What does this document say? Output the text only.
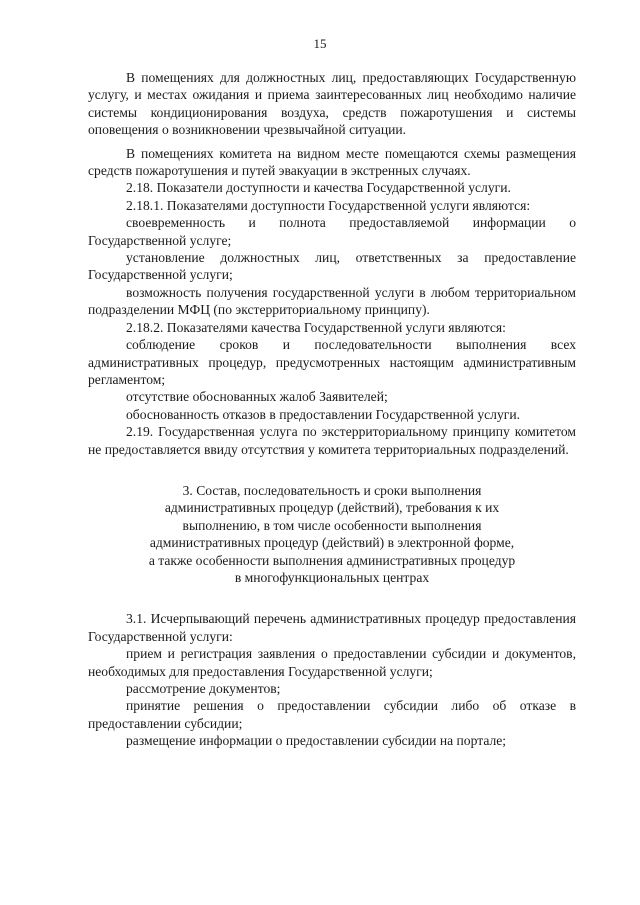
15

В помещениях для должностных лиц, предоставляющих Государственную услугу, и местах ожидания и приема заинтересованных лиц необходимо наличие системы кондиционирования воздуха, средств пожаротушения и системы оповещения о возникновении чрезвычайной ситуации.

В помещениях комитета на видном месте помещаются схемы размещения средств пожаротушения и путей эвакуации в экстренных случаях.

2.18. Показатели доступности и качества Государственной услуги.

2.18.1. Показателями доступности Государственной услуги являются:

своевременность и полнота предоставляемой информации о Государственной услуге;

установление должностных лиц, ответственных за предоставление Государственной услуги;

возможность получения государственной услуги в любом территориальном подразделении МФЦ (по экстерриториальному принципу).

2.18.2. Показателями качества Государственной услуги являются:

соблюдение сроков и последовательности выполнения всех административных процедур, предусмотренных настоящим административным регламентом;

отсутствие обоснованных жалоб Заявителей;

обоснованность отказов в предоставлении Государственной услуги.

2.19. Государственная услуга по экстерриториальному принципу комитетом не предоставляется ввиду отсутствия у комитета территориальных подразделений.

3. Состав, последовательность и сроки выполнения
административных процедур (действий), требования к их
выполнению, в том числе особенности выполнения
административных процедур (действий) в электронной форме,
а также особенности выполнения административных процедур
в многофункциональных центрах

3.1. Исчерпывающий перечень административных процедур предоставления Государственной услуги:

прием и регистрация заявления о предоставлении субсидии и документов, необходимых для предоставления Государственной услуги;

рассмотрение документов;

принятие решения о предоставлении субсидии либо об отказе в предоставлении субсидии;

размещение информации о предоставлении субсидии на портале;
